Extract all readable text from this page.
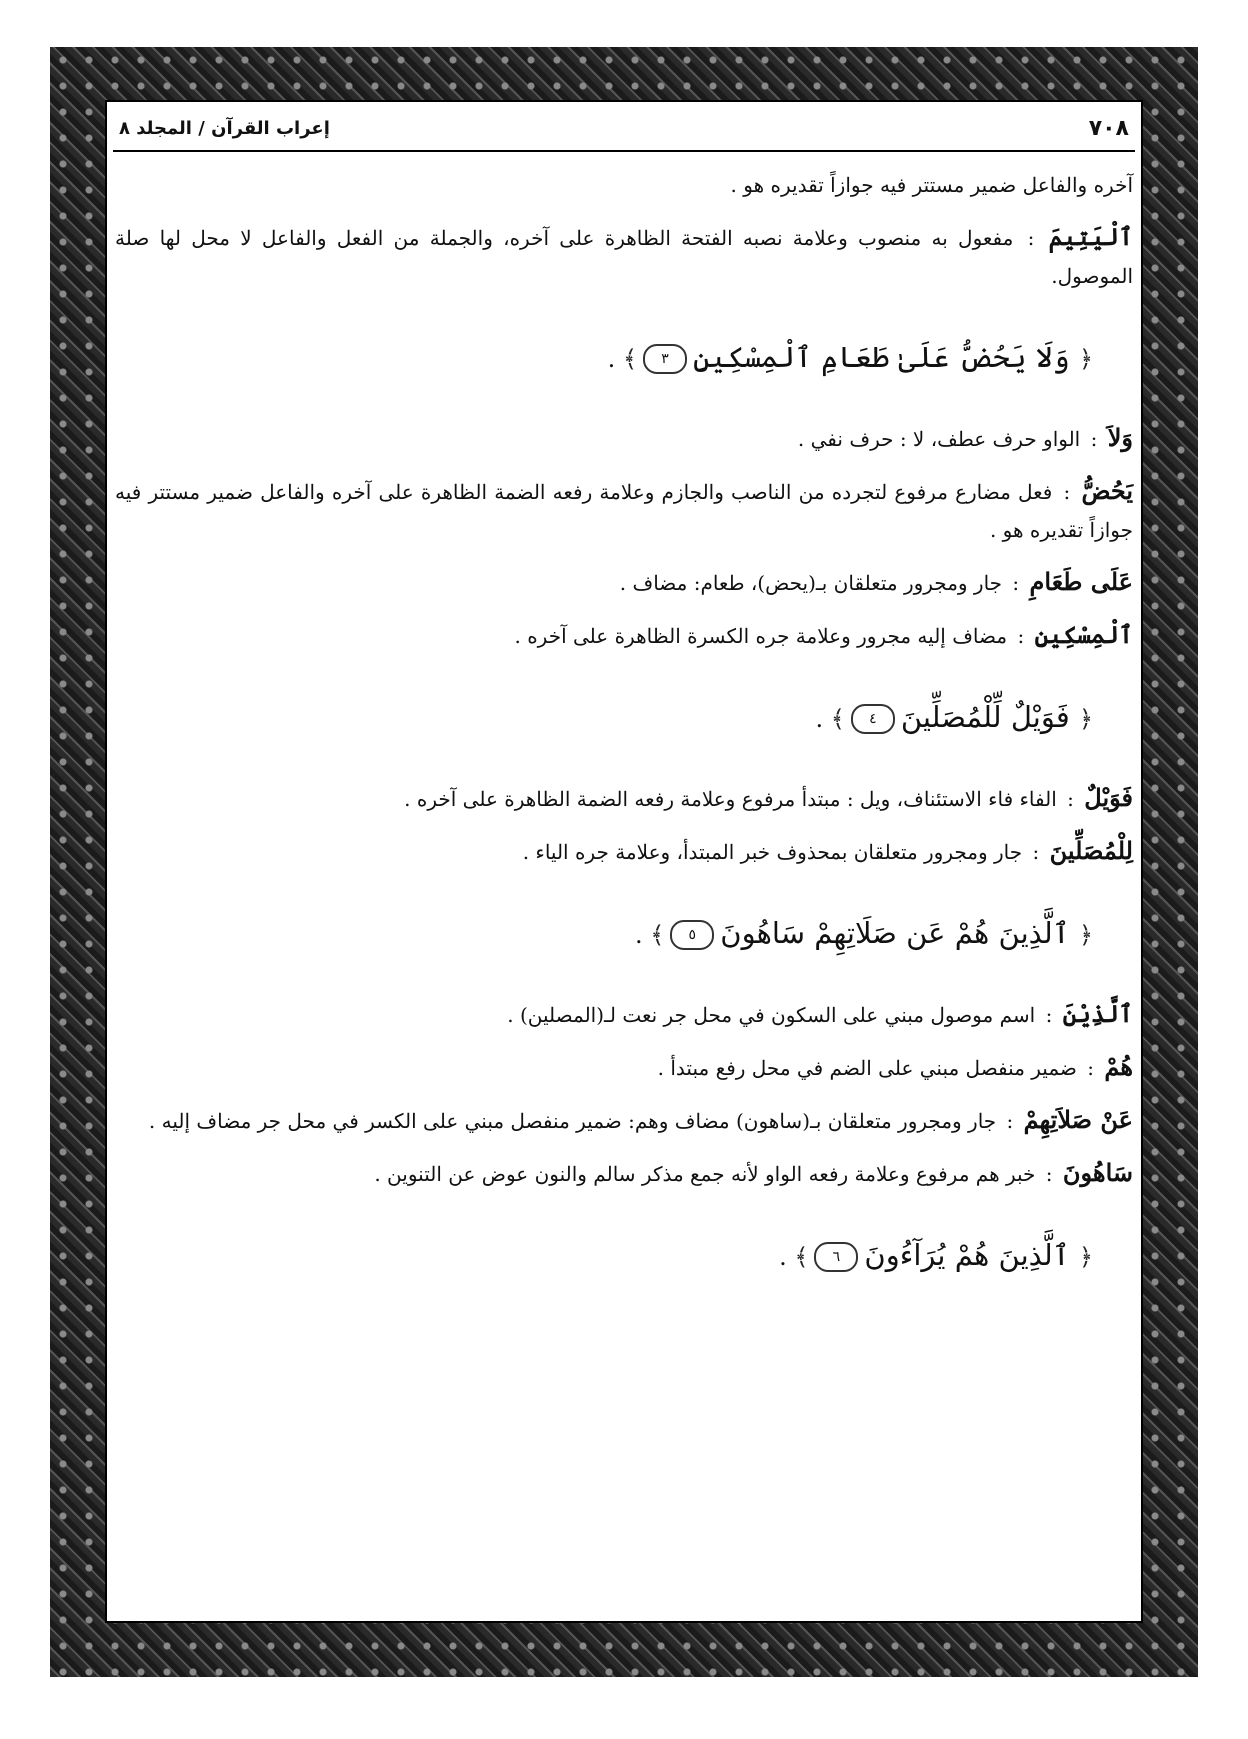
٧٠٨
إعراب القرآن / المجلد ٨

آخره والفاعل ضمير مستتر فيه جوازاً تقديره هو .

ٱلْيَتِيمَ : مفعول به منصوب وعلامة نصبه الفتحة الظاهرة على آخره، والجملة من الفعل والفاعل لا محل لها صلة الموصول.

﴿ وَلَا يَحُضُّ عَلَىٰ طَعَامِ ٱلْمِسْكِينِ٣﴾ .

وَلاَ : الواو حرف عطف، لا : حرف نفي .

يَحُضُّ : فعل مضارع مرفوع لتجرده من الناصب والجازم وعلامة رفعه الضمة الظاهرة على آخره والفاعل ضمير مستتر فيه جوازاً تقديره هو .

عَلَى طَعَامِ : جار ومجرور متعلقان بـ(يحض)، طعام: مضاف .

ٱلْمِسْكِينِ : مضاف إليه مجرور وعلامة جره الكسرة الظاهرة على آخره .

﴿ فَوَيْلٌ لِّلْمُصَلِّينَ٤﴾ .

فَوَيْلٌ : الفاء فاء الاستئناف، ويل : مبتدأ مرفوع وعلامة رفعه الضمة الظاهرة على آخره .

لِلْمُصَلِّينَ : جار ومجرور متعلقان بمحذوف خبر المبتدأ، وعلامة جره الياء .

﴿ ٱلَّذِينَ هُمْ عَن صَلَاتِهِمْ سَاهُونَ٥﴾ .

ٱلَّذِيْنَ : اسم موصول مبني على السكون في محل جر نعت لـ(المصلين) .

هُمْ : ضمير منفصل مبني على الضم في محل رفع مبتدأ .

عَنْ صَلاَتِهِمْ : جار ومجرور متعلقان بـ(ساهون) مضاف وهم: ضمير منفصل مبني على الكسر في محل جر مضاف إليه .

سَاهُونَ : خبر هم مرفوع وعلامة رفعه الواو لأنه جمع مذكر سالم والنون عوض عن التنوين .

﴿ ٱلَّذِينَ هُمْ يُرَآءُونَ٦﴾ .
